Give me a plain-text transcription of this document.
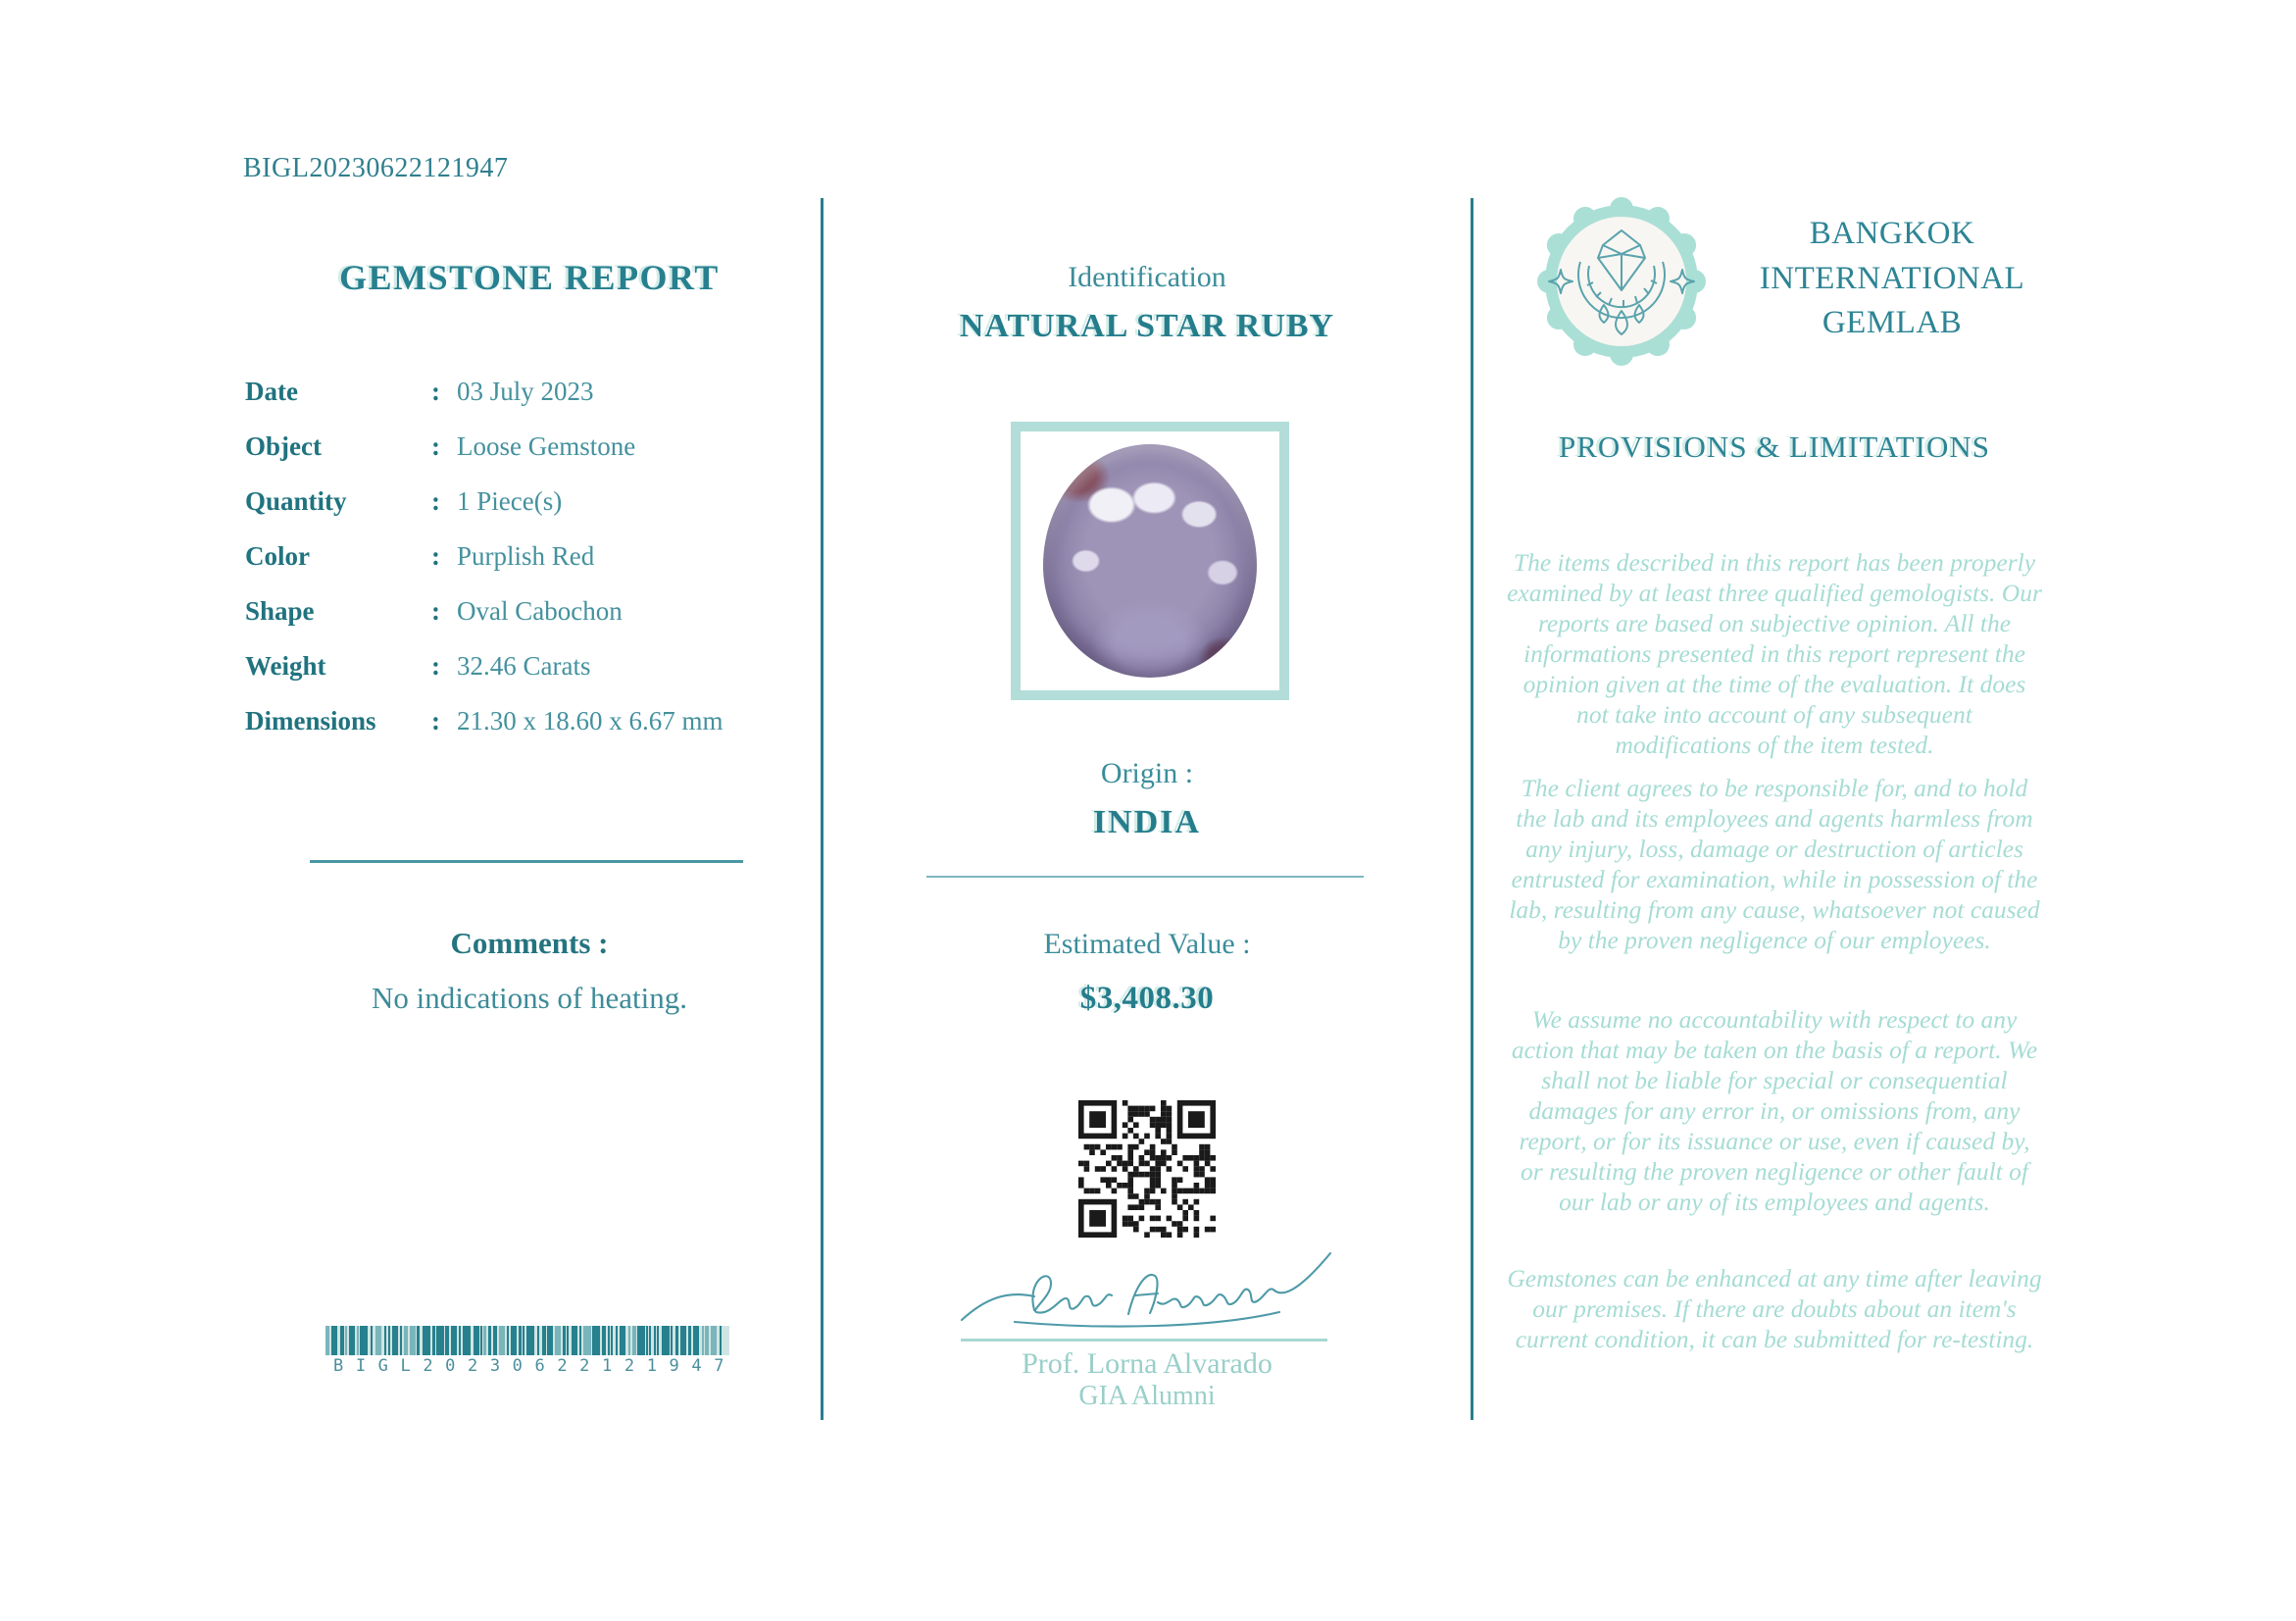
BIGL20230622121947
GEMSTONE REPORT
Date	: 03 July 2023
Object	: Loose Gemstone
Quantity	: 1 Piece(s)
Color	: Purplish Red
Shape	: Oval Cabochon
Weight	: 32.46 Carats
Dimensions	: 21.30 x 18.60 x 6.67 mm
Comments :
No indications of heating.
BIGL20230622121947
Identification
NATURAL STAR RUBY
Origin :
INDIA
Estimated Value :
$3,408.30
Prof. Lorna Alvarado
GIA Alumni
BANGKOK
INTERNATIONAL
GEMLAB
PROVISIONS & LIMITATIONS

The items described in this report has been properly examined by at least three qualified gemologists. Our reports are based on subjective opinion. All the informations presented in this report represent the opinion given at the time of the evaluation. It does not take into account of any subsequent modifications of the item tested.

The client agrees to be responsible for, and to hold the lab and its employees and agents harmless from any injury, loss, damage or destruction of articles entrusted for examination, while in possession of the lab, resulting from any cause, whatsoever not caused by the proven negligence of our employees.

We assume no accountability with respect to any action that may be taken on the basis of a report. We shall not be liable for special or consequential damages for any error in, or omissions from, any report, or for its issuance or use, even if caused by, or resulting the proven negligence or other fault of our lab or any of its employees and agents.

Gemstones can be enhanced at any time after leaving our premises. If there are doubts about an item's current condition, it can be submitted for re-testing.
